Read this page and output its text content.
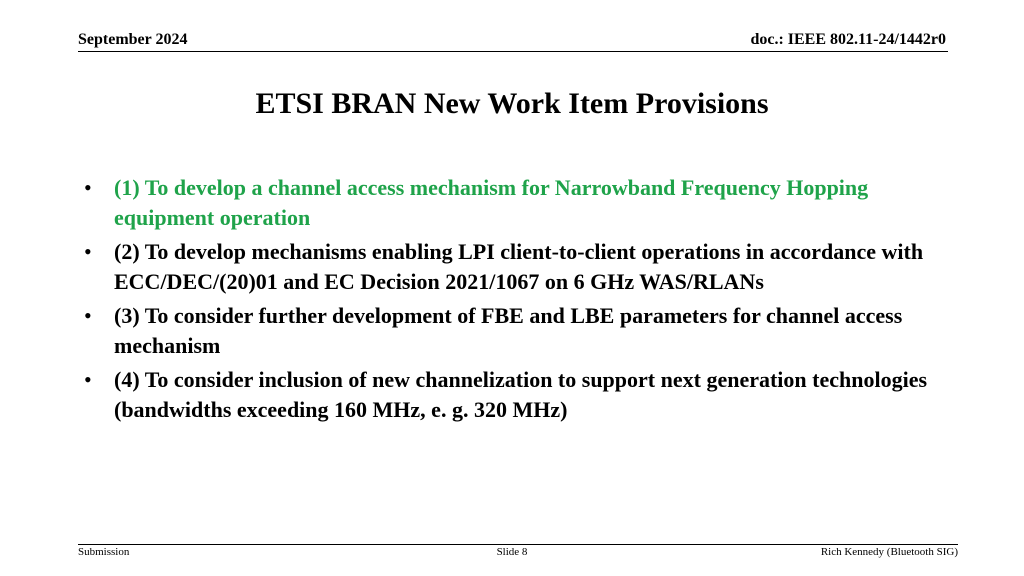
September 2024	doc.: IEEE 802.11-24/1442r0
ETSI BRAN New Work Item Provisions
• (1) To develop a channel access mechanism for Narrowband Frequency Hopping equipment operation
• (2) To develop mechanisms enabling LPI client-to-client operations in accordance with ECC/DEC/(20)01 and EC Decision 2021/1067 on 6 GHz WAS/RLANs
• (3) To consider further development of FBE and LBE parameters for channel access mechanism
• (4) To consider inclusion of new channelization to support next generation technologies (bandwidths exceeding 160 MHz, e. g. 320 MHz)
Submission	Slide 8	Rich Kennedy (Bluetooth SIG)
